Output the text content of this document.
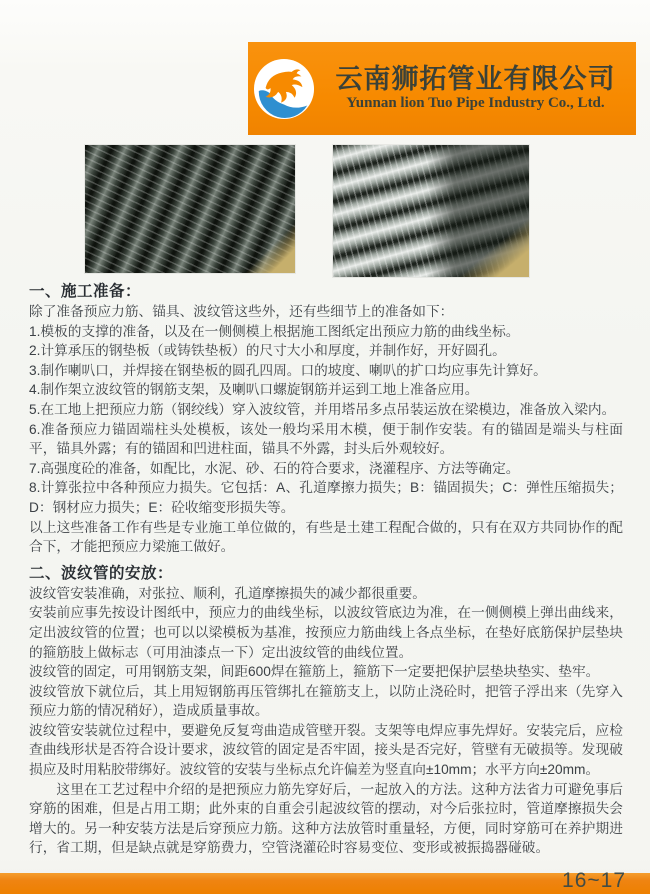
云南狮拓管业有限公司
Yunnan lion Tuo Pipe Industry Co., Ltd.
一、施工准备：

除了准备预应力筋、锚具、波纹管这些外，还有些细节上的准备如下：

1.模板的支撑的准备，以及在一侧侧模上根据施工图纸定出预应力筋的曲线坐标。

2.计算承压的钢垫板（或铸铁垫板）的尺寸大小和厚度，并制作好，开好圆孔。

3.制作喇叭口，并焊接在钢垫板的圆孔四周。口的坡度、喇叭的扩口均应事先计算好。

4.制作架立波纹管的钢筋支架，及喇叭口螺旋钢筋并运到工地上准备应用。

5.在工地上把预应力筋（钢绞线）穿入波纹管，并用塔吊多点吊装运放在梁模边，准备放入梁内。

6.准备预应力锚固端柱头处模板，该处一般均采用木模，便于制作安装。有的锚固是端头与柱面平，锚具外露；有的锚固和凹进柱面，锚具不外露，封头后外观较好。

7.高强度砼的准备，如配比，水泥、砂、石的符合要求，浇灌程序、方法等确定。

8.计算张拉中各种预应力损失。它包括：A、孔道摩擦力损失；B：锚固损失；C：弹性压缩损失；D：钢材应力损失；E：砼收缩变形损失等。

以上这些准备工作有些是专业施工单位做的，有些是土建工程配合做的，只有在双方共同协作的配合下，才能把预应力梁施工做好。

二、波纹管的安放：

波纹管安装准确，对张拉、顺利，孔道摩擦损失的减少都很重要。

安装前应事先按设计图纸中，预应力的曲线坐标，以波纹管底边为准，在一侧侧模上弹出曲线来，定出波纹管的位置；也可以以梁模板为基准，按预应力筋曲线上各点坐标，在垫好底筋保护层垫块的箍筋肢上做标志（可用油漆点一下）定出波纹管的曲线位置。

波纹管的固定，可用钢筋支架，间距600焊在箍筋上，箍筋下一定要把保护层垫块垫实、垫牢。

波纹管放下就位后，其上用短钢筋再压管绑扎在箍筋支上，以防止浇砼时，把管子浮出来（先穿入预应力筋的情况稍好），造成质量事故。

波纹管安装就位过程中，要避免反复弯曲造成管壁开裂。支架等电焊应事先焊好。安装完后，应检查曲线形状是否符合设计要求，波纹管的固定是否牢固，接头是否完好，管壁有无破损等。发现破损应及时用粘胶带绑好。波纹管的安装与坐标点允许偏差为竖直向±10mm；水平方向±20mm。

这里在工艺过程中介绍的是把预应力筋先穿好后，一起放入的方法。这种方法省力可避免事后穿筋的困难，但是占用工期；此外束的自重会引起波纹管的摆动，对今后张拉时，管道摩擦损失会增大的。另一种安装方法是后穿预应力筋。这种方法放管时重量轻，方便，同时穿筋可在养护期进行，省工期，但是缺点就是穿筋费力，空管浇灌砼时容易变位、变形或被振捣器碰破。

16~17
